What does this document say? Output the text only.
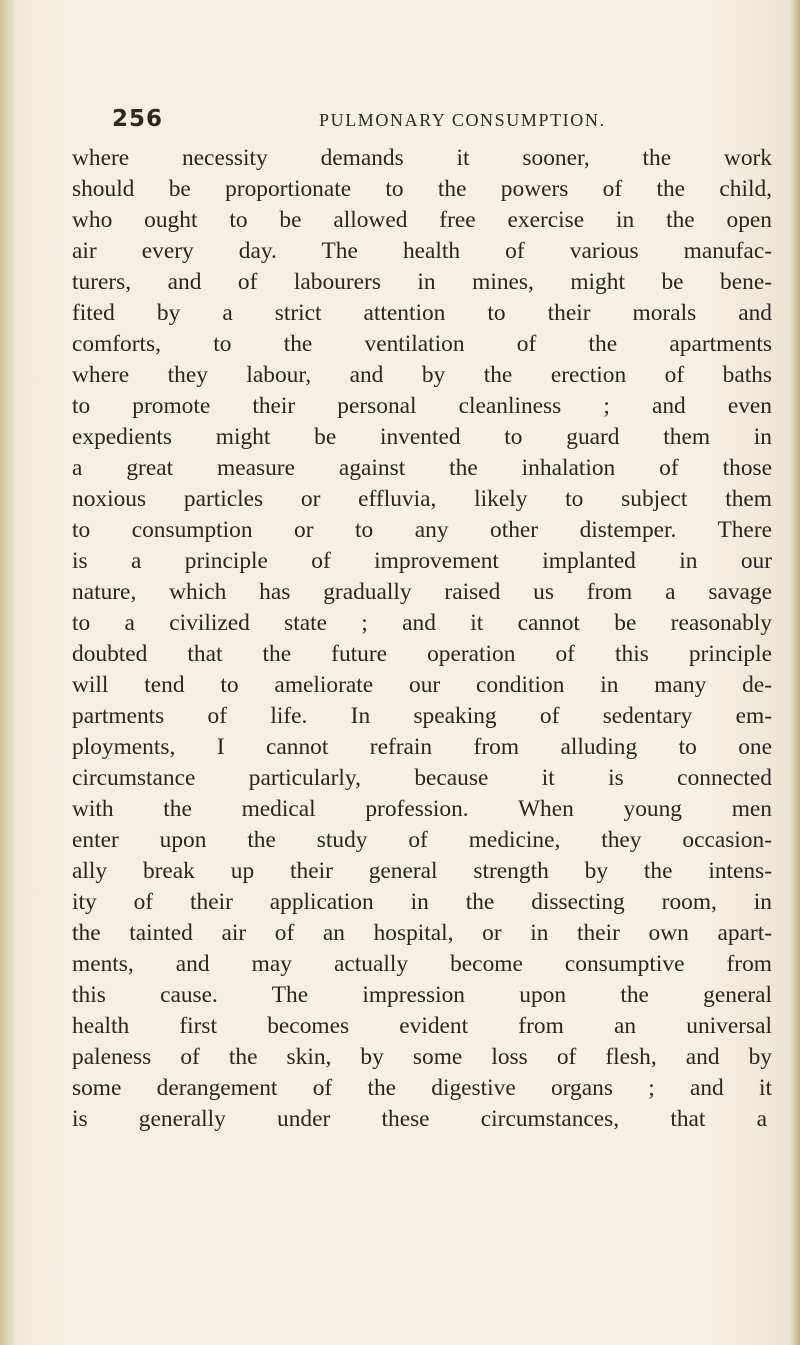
256	PULMONARY CONSUMPTION.
where necessity demands it sooner, the work
should be proportionate to the powers of the child,
who ought to be allowed free exercise in the open
air every day. The health of various manufac-
turers, and of labourers in mines, might be bene-
fited by a strict attention to their morals and
comforts, to the ventilation of the apartments
where they labour, and by the erection of baths
to promote their personal cleanliness ; and even
expedients might be invented to guard them in
a great measure against the inhalation of those
noxious particles or effluvia, likely to subject them
to consumption or to any other distemper. There
is a principle of improvement implanted in our
nature, which has gradually raised us from a savage
to a civilized state ; and it cannot be reasonably
doubted that the future operation of this principle
will tend to ameliorate our condition in many de-
partments of life. In speaking of sedentary em-
ployments, I cannot refrain from alluding to one
circumstance particularly, because it is connected
with the medical profession. When young men
enter upon the study of medicine, they occasion-
ally break up their general strength by the intens-
ity of their application in the dissecting room, in
the tainted air of an hospital, or in their own apart-
ments, and may actually become consumptive from
this cause. The impression upon the general
health first becomes evident from an universal
paleness of the skin, by some loss of flesh, and by
some derangement of the digestive organs ; and it
is generally under these circumstances, that a
